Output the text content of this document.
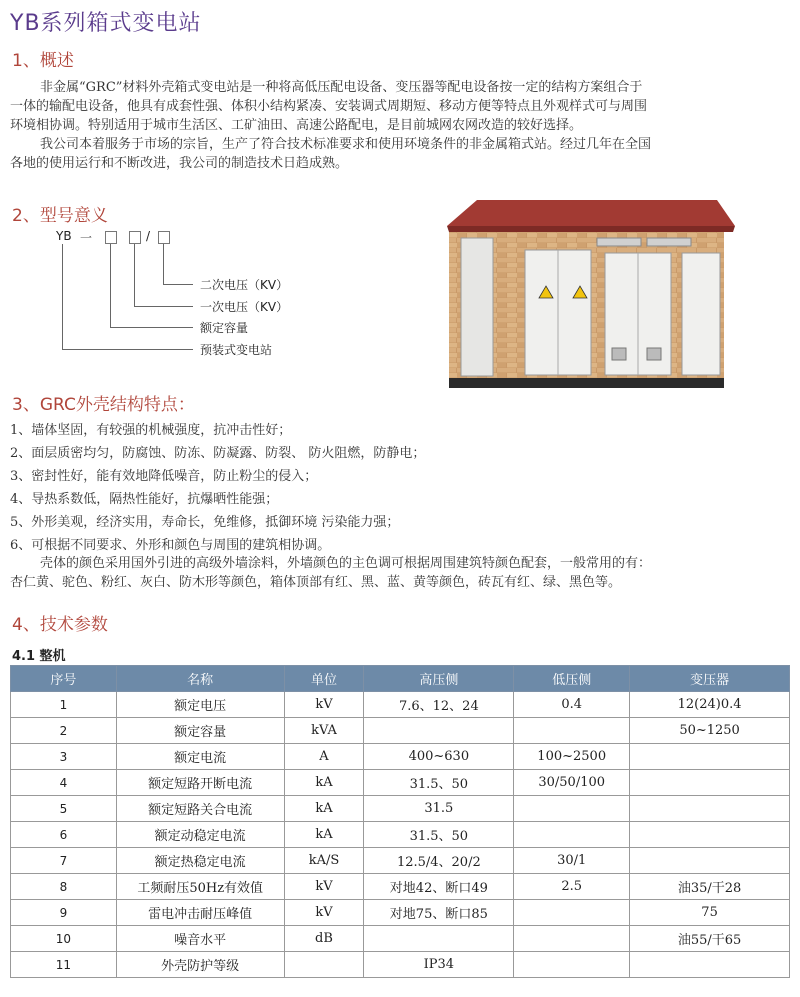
YB系列箱式变电站
1、概述
非金属“GRC”材料外壳箱式变电站是一种将高低压配电设备、变压器等配电设备按一定的结构方案组合于
一体的输配电设备，他具有成套性强、体积小结构紧凑、安装调式周期短、移动方便等特点且外观样式可与周围
环境相协调。特别适用于城市生活区、工矿油田、高速公路配电，是目前城网农网改造的较好选择。
我公司本着服务于市场的宗旨，生产了符合技术标准要求和使用环境条件的非金属箱式站。经过几年在全国
各地的使用运行和不断改进，我公司的制造技术日趋成熟。
2、型号意义
YB 一	/
二次电压（KV）
一次电压（KV）
额定容量
预装式变电站
3、GRC外壳结构特点：
1、墙体坚固，有较强的机械强度，抗冲击性好；
2、面层质密均匀，防腐蚀、防冻、防凝露、防裂、 防火阻燃，防静电；
3、密封性好，能有效地降低噪音，防止粉尘的侵入；
4、导热系数低，隔热性能好，抗爆晒性能强；
5、外形美观，经济实用，寿命长，免维修，抵御环境 污染能力强；
6、可根据不同要求、外形和颜色与周围的建筑相协调。
壳体的颜色采用国外引进的高级外墙涂料，外墙颜色的主色调可根据周围建筑特颜色配套，一般常用的有：
杏仁黄、驼色、粉红、灰白、防木形等颜色，箱体顶部有红、黑、蓝、黄等颜色，砖瓦有红、绿、黑色等。
4、技术参数
4.1 整机
序号	名称	单位	高压侧	低压侧	变压器
1	额定电压	kV	7.6、12、24	0.4	12(24)0.4
2	额定容量	kVA			50~1250
3	额定电流	A	400~630	100~2500	
4	额定短路开断电流	kA	31.5、50	30/50/100	
5	额定短路关合电流	kA	31.5		
6	额定动稳定电流	kA	31.5、50		
7	额定热稳定电流	kA/S	12.5/4、20/2	30/1	
8	工频耐压50Hz有效值	kV	对地42、断口49	2.5	油35/干28
9	雷电冲击耐压峰值	kV	对地75、断口85		75
10	噪音水平	dB			油55/干65
11	外壳防护等级		IP34		
